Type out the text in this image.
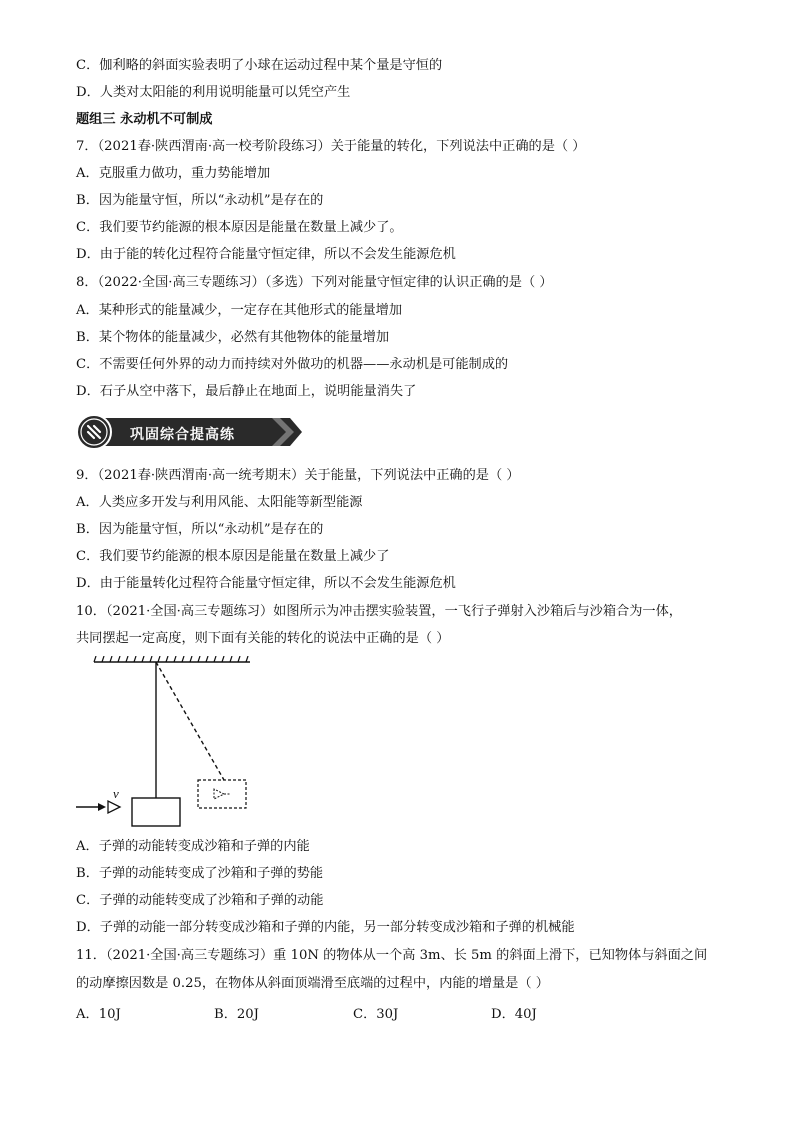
C．伽利略的斜面实验表明了小球在运动过程中某个量是守恒的
D．人类对太阳能的利用说明能量可以凭空产生
题组三 永动机不可制成
7．（2021春·陕西渭南·高一校考阶段练习）关于能量的转化，下列说法中正确的是（ ）
A．克服重力做功，重力势能增加
B．因为能量守恒，所以“永动机”是存在的
C．我们要节约能源的根本原因是能量在数量上减少了。
D．由于能的转化过程符合能量守恒定律，所以不会发生能源危机
8．（2022·全国·高三专题练习）（多选）下列对能量守恒定律的认识正确的是（ ）
A．某种形式的能量减少，一定存在其他形式的能量增加
B．某个物体的能量减少，必然有其他物体的能量增加
C．不需要任何外界的动力而持续对外做功的机器——永动机是可能制成的
D．石子从空中落下，最后静止在地面上，说明能量消失了
巩固综合提高练
9．（2021春·陕西渭南·高一统考期末）关于能量，下列说法中正确的是（ ）
A．人类应多开发与利用风能、太阳能等新型能源
B．因为能量守恒，所以“永动机”是存在的
C．我们要节约能源的根本原因是能量在数量上减少了
D．由于能量转化过程符合能量守恒定律，所以不会发生能源危机
10．（2021·全国·高三专题练习）如图所示为冲击摆实验装置，一飞行子弹射入沙箱后与沙箱合为一体，
共同摆起一定高度，则下面有关能的转化的说法中正确的是（ ）
v
A．子弹的动能转变成沙箱和子弹的内能
B．子弹的动能转变成了沙箱和子弹的势能
C．子弹的动能转变成了沙箱和子弹的动能
D．子弹的动能一部分转变成沙箱和子弹的内能，另一部分转变成沙箱和子弹的机械能
11．（2021·全国·高三专题练习）重 10N 的物体从一个高 3m、长 5m 的斜面上滑下，已知物体与斜面之间
的动摩擦因数是 0.25，在物体从斜面顶端滑至底端的过程中，内能的增量是（ ）
A．10J	B．20J	C．30J	D．40J
